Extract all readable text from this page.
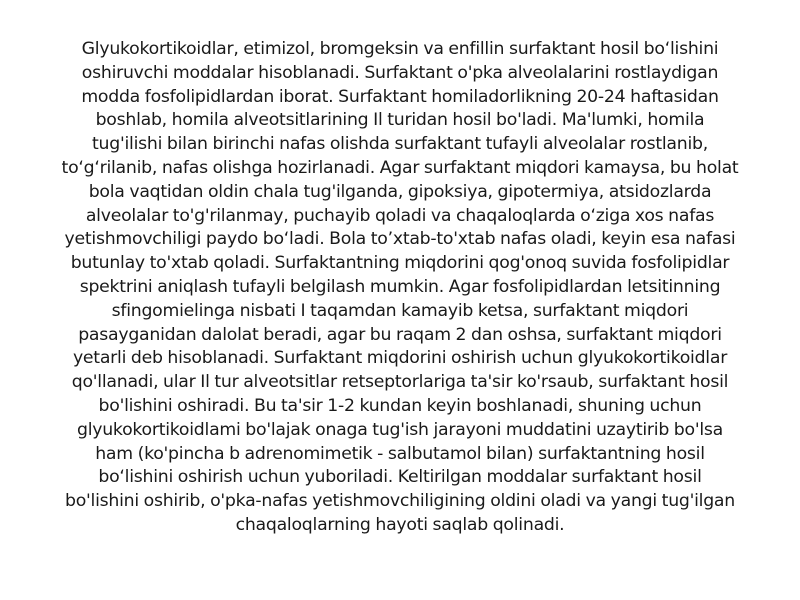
Glyukokortikoidlar, etimizol, bromgeksin va enfillin surfaktant hosil bo‘lishini
oshiruvchi moddalar hisoblanadi. Surfaktant o'pka alveolalarini rostlaydigan
modda fosfolipidlardan iborat. Surfaktant homiladorlikning 20-24 haftasidan
boshlab, homila alveotsitlarining Il turidan hosil bo'ladi. Ma'lumki, homila
tug'ilishi bilan birinchi nafas olishda surfaktant tufayli alveolalar rostlanib,
to‘g‘rilanib, nafas olishga hozirlanadi. Agar surfaktant miqdori kamaysa, bu holat
bola vaqtidan oldin chala tug'ilganda, gipoksiya, gipotermiya, atsidozlarda
alveolalar to'g'rilanmay, puchayib qoladi va chaqaloqlarda o‘ziga xos nafas
yetishmovchiligi paydo bo‘ladi. Bola to’xtab-to'xtab nafas oladi, keyin esa nafasi
butunlay to'xtab qoladi. Surfaktantning miqdorini qog'onoq suvida fosfolipidlar
spektrini aniqlash tufayli belgilash mumkin. Agar fosfolipidlardan letsitinning
sfingomielinga nisbati I taqamdan kamayib ketsa, surfaktant miqdori
pasayganidan dalolat beradi, agar bu raqam 2 dan oshsa, surfaktant miqdori
yetarli deb hisoblanadi. Surfaktant miqdorini oshirish uchun glyukokortikoidlar
qo'llanadi, ular Il tur alveotsitlar retseptorlariga ta'sir ko'rsaub, surfaktant hosil
bo'lishini oshiradi. Bu ta'sir 1-2 kundan keyin boshlanadi, shuning uchun
glyukokortikoidlami bo'lajak onaga tug'ish jarayoni muddatini uzaytirib bo'lsa
ham (ko'pincha b adrenomimetik - salbutamol bilan) surfaktantning hosil
bo‘lishini oshirish uchun yuboriladi. Keltirilgan moddalar surfaktant hosil
bo'lishini oshirib, o'pka-nafas yetishmovchiligining oldini oladi va yangi tug'ilgan
chaqaloqlarning hayoti saqlab qolinadi.
